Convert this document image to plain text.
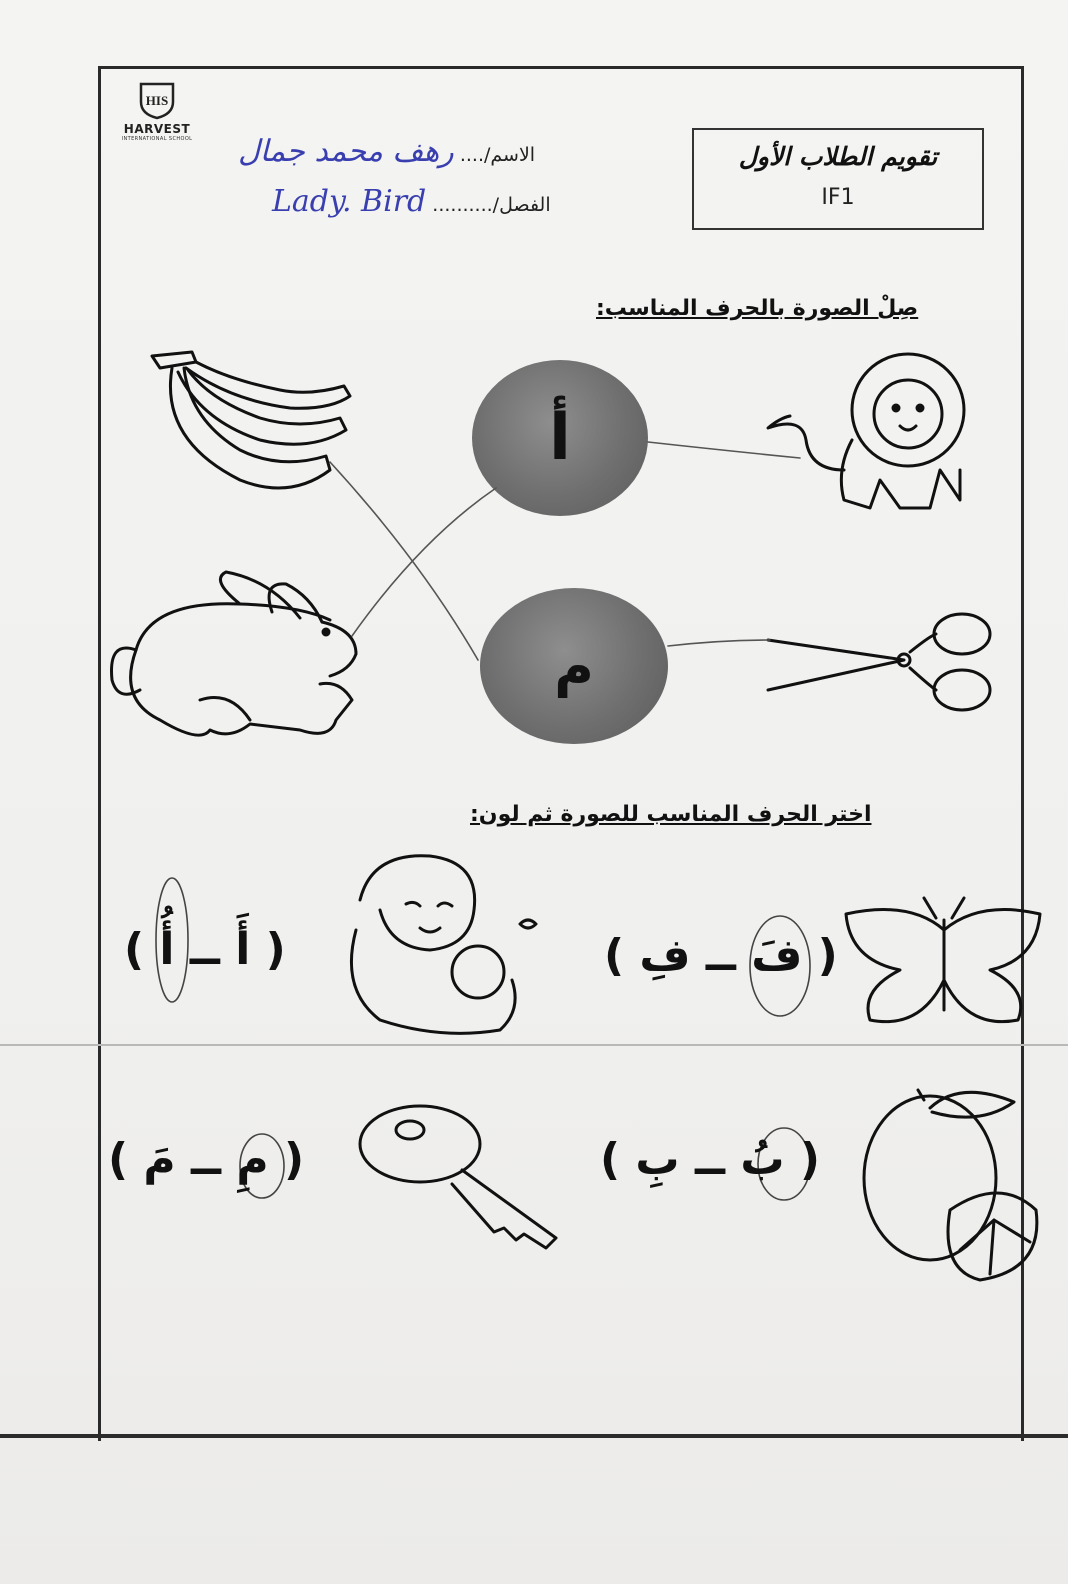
HIS
HARVEST
INTERNATIONAL SCHOOL
تقويم الطلاب الأول
IF1
الاسم/.... رهف محمد جمال
الفصل/.......... Lady. Bird
صِلْ الصورة بالحرف المناسب:
أ
م
اختر الحرف المناسب للصورة ثم لون:
( فَ ــ فِ )
( أَ ــ أُ )
( بُ ــ بِ )
( مِ ــ مَ )
